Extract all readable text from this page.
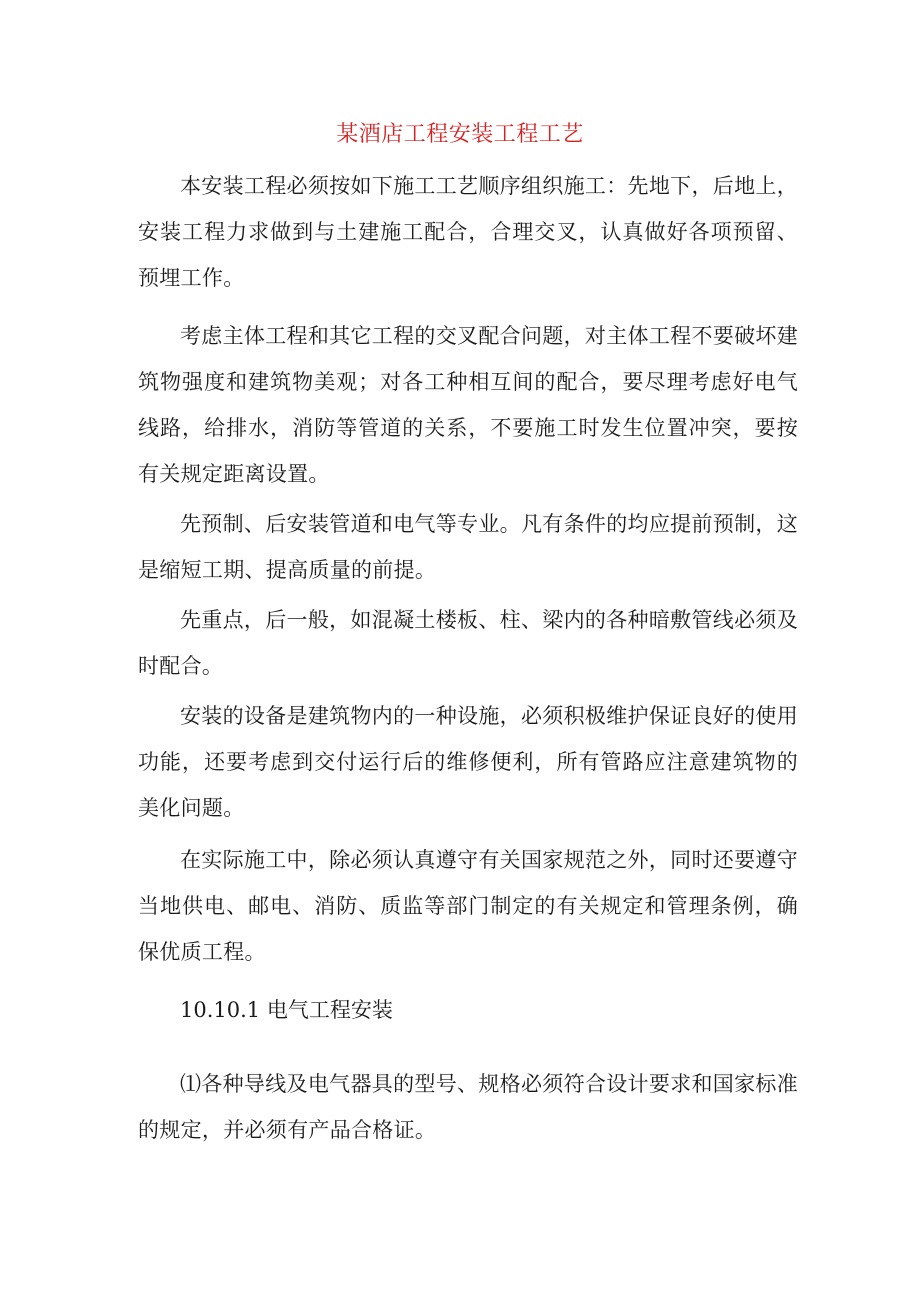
某酒店工程安装工程工艺

本安装工程必须按如下施工工艺顺序组织施工：先地下，后地上，安装工程力求做到与土建施工配合，合理交叉，认真做好各项预留、预埋工作。

考虑主体工程和其它工程的交叉配合问题，对主体工程不要破坏建筑物强度和建筑物美观；对各工种相互间的配合，要尽理考虑好电气线路，给排水，消防等管道的关系，不要施工时发生位置冲突，要按有关规定距离设置。

先预制、后安装管道和电气等专业。凡有条件的均应提前预制，这是缩短工期、提高质量的前提。

先重点，后一般，如混凝土楼板、柱、梁内的各种暗敷管线必须及时配合。

安装的设备是建筑物内的一种设施，必须积极维护保证良好的使用功能，还要考虑到交付运行后的维修便利，所有管路应注意建筑物的美化问题。

在实际施工中，除必须认真遵守有关国家规范之外，同时还要遵守当地供电、邮电、消防、质监等部门制定的有关规定和管理条例，确保优质工程。

10.10.1 电气工程安装

⑴各种导线及电气器具的型号、规格必须符合设计要求和国家标准的规定，并必须有产品合格证。
